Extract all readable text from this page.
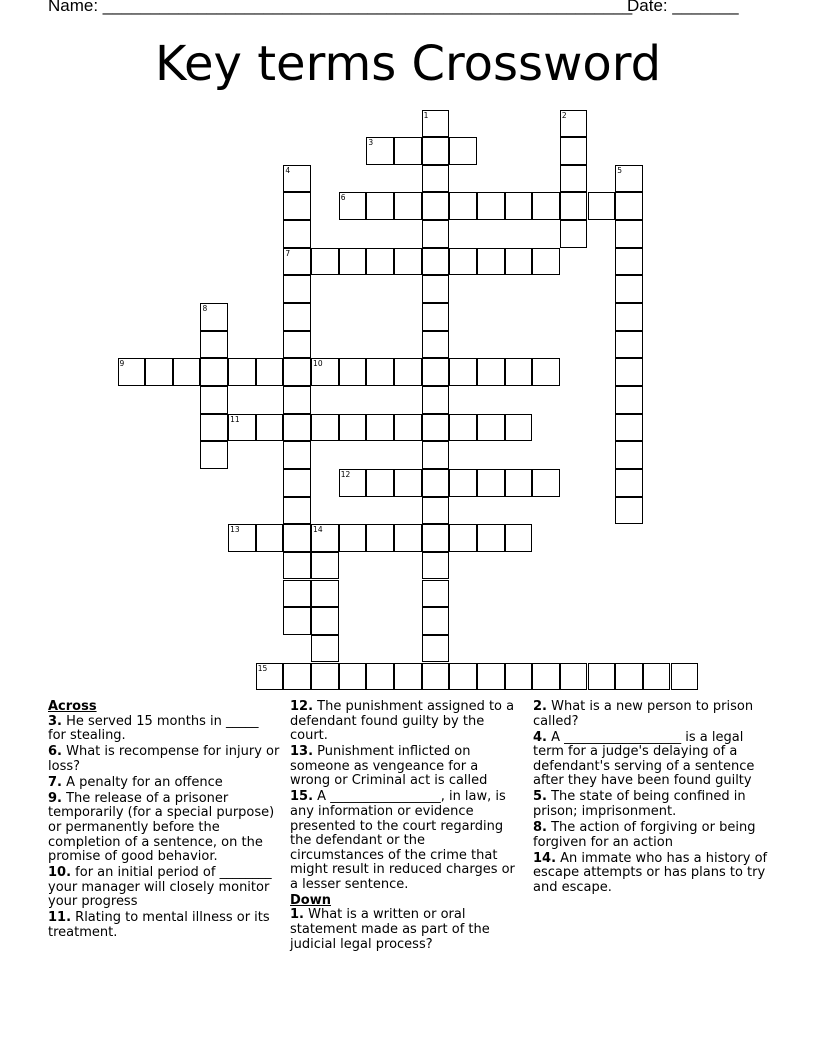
Name: ________________________________________________________
Date: _______
Key terms Crossword
1	2
3
4	5
6
7
8
9	10
11
12
13	14
15
Across
3. He served 15 months in _____ for stealing.
6. What is recompense for injury or loss?
7. A penalty for an offence
9. The release of a prisoner temporarily (for a special purpose) or permanently before the completion of a sentence, on the promise of good behavior.
10. for an initial period of ________ your manager will closely monitor your progress
11. Rlating to mental illness or its treatment.
12. The punishment assigned to a defendant found guilty by the court.
13. Punishment inflicted on someone as vengeance for a wrong or Criminal act is called
15. A _________________, in law, is any information or evidence presented to the court regarding the defendant or the circumstances of the crime that might result in reduced charges or a lesser sentence.
Down
1. What is a written or oral statement made as part of the judicial legal process?
2. What is a new person to prison called?
4. A __________________ is a legal term for a judge's delaying of a defendant's serving of a sentence after they have been found guilty
5. The state of being confined in prison; imprisonment.
8. The action of forgiving or being forgiven for an action
14. An immate who has a history of escape attempts or has plans to try and escape.
